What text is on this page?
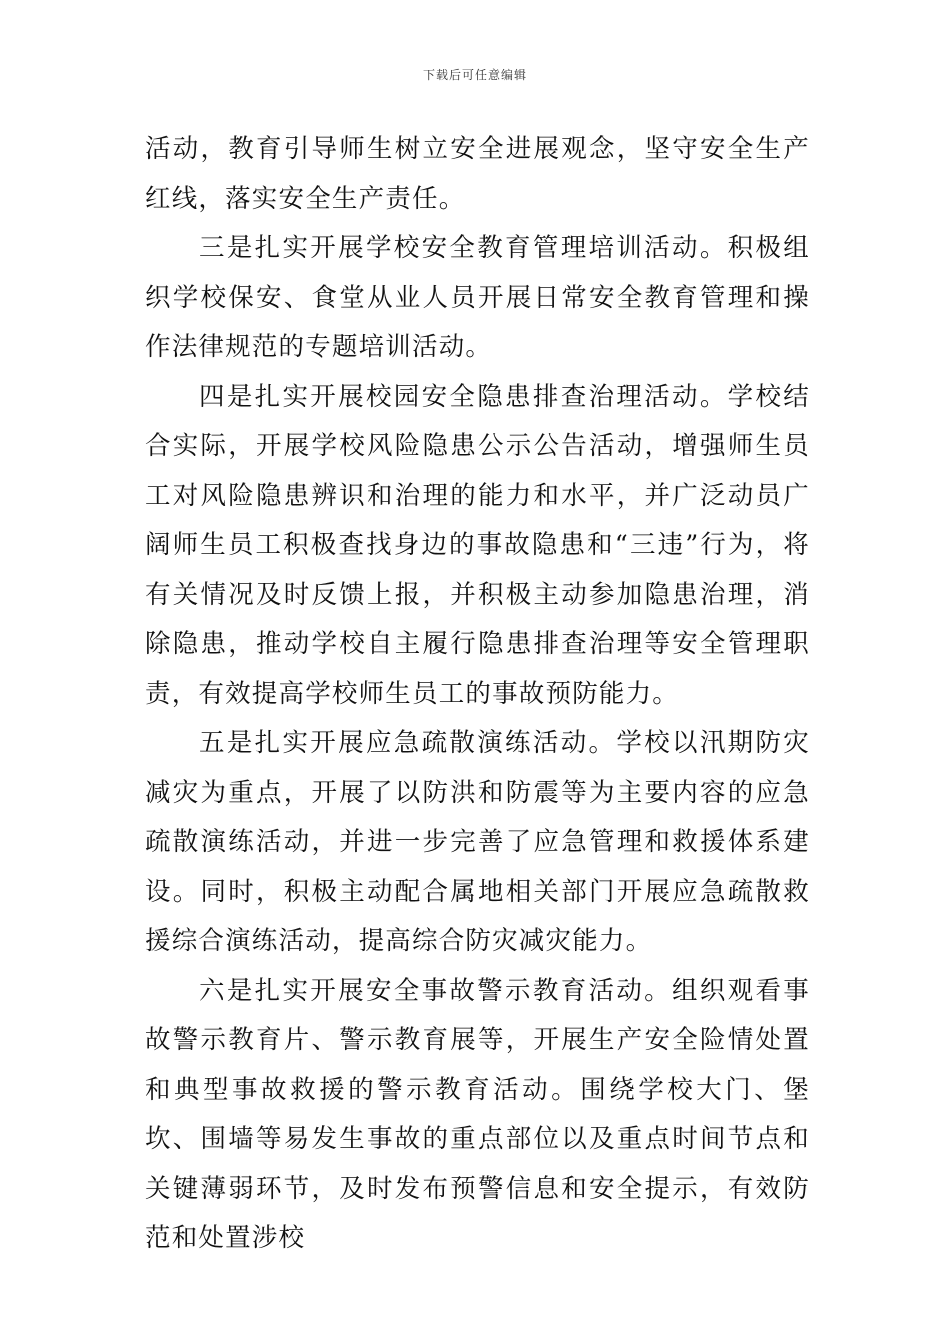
下载后可任意编辑

活动，教育引导师生树立安全进展观念，坚守安全生产红线，落实安全生产责任。

三是扎实开展学校安全教育管理培训活动。积极组织学校保安、食堂从业人员开展日常安全教育管理和操作法律规范的专题培训活动。

四是扎实开展校园安全隐患排查治理活动。学校结合实际，开展学校风险隐患公示公告活动，增强师生员工对风险隐患辨识和治理的能力和水平，并广泛动员广阔师生员工积极查找身边的事故隐患和“三违”行为，将有关情况及时反馈上报，并积极主动参加隐患治理，消除隐患，推动学校自主履行隐患排查治理等安全管理职责，有效提高学校师生员工的事故预防能力。

五是扎实开展应急疏散演练活动。学校以汛期防灾减灾为重点，开展了以防洪和防震等为主要内容的应急疏散演练活动，并进一步完善了应急管理和救援体系建设。同时，积极主动配合属地相关部门开展应急疏散救援综合演练活动，提高综合防灾减灾能力。

六是扎实开展安全事故警示教育活动。组织观看事故警示教育片、警示教育展等，开展生产安全险情处置和典型事故救援的警示教育活动。围绕学校大门、堡坎、围墙等易发生事故的重点部位以及重点时间节点和关键薄弱环节，及时发布预警信息和安全提示，有效防范和处置涉校
